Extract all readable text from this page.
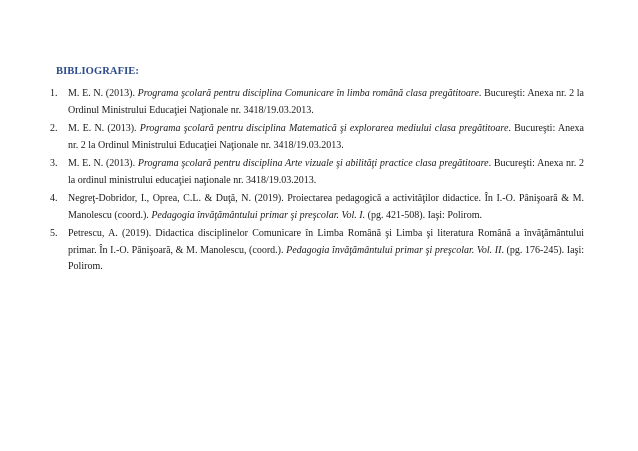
BIBLIOGRAFIE:
1. M. E. N. (2013). Programa şcolară pentru disciplina Comunicare în limba română clasa pregătitoare. Bucureşti: Anexa nr. 2 la Ordinul Ministrului Educaţiei Naţionale nr. 3418/19.03.2013.
2. M. E. N. (2013). Programa şcolară pentru disciplina Matematică şi explorarea mediului clasa pregătitoare. Bucureşti: Anexa nr. 2 la Ordinul Ministrului Educaţiei Naţionale nr. 3418/19.03.2013.
3. M. E. N. (2013). Programa şcolară pentru disciplina Arte vizuale şi abilităţi practice clasa pregătitoare. Bucureşti: Anexa nr. 2 la ordinul ministrului educaţiei naţionale nr. 3418/19.03.2013.
4. Negreţ-Dobridor, I., Oprea, C.L. & Duţă, N. (2019). Proiectarea pedagogică a activităţilor didactice. În I.-O. Pânişoară & M. Manolescu (coord.). Pedagogia învăţământului primar şi preşcolar. Vol. I. (pg. 421-508). Iaşi: Polirom.
5. Petrescu, A. (2019). Didactica disciplinelor Comunicare în Limba Română şi Limba şi literatura Română a învăţământului primar. În I.-O. Pânişoară, & M. Manolescu, (coord.). Pedagogia învăţământului primar şi preşcolar. Vol. II. (pg. 176-245). Iaşi: Polirom.
